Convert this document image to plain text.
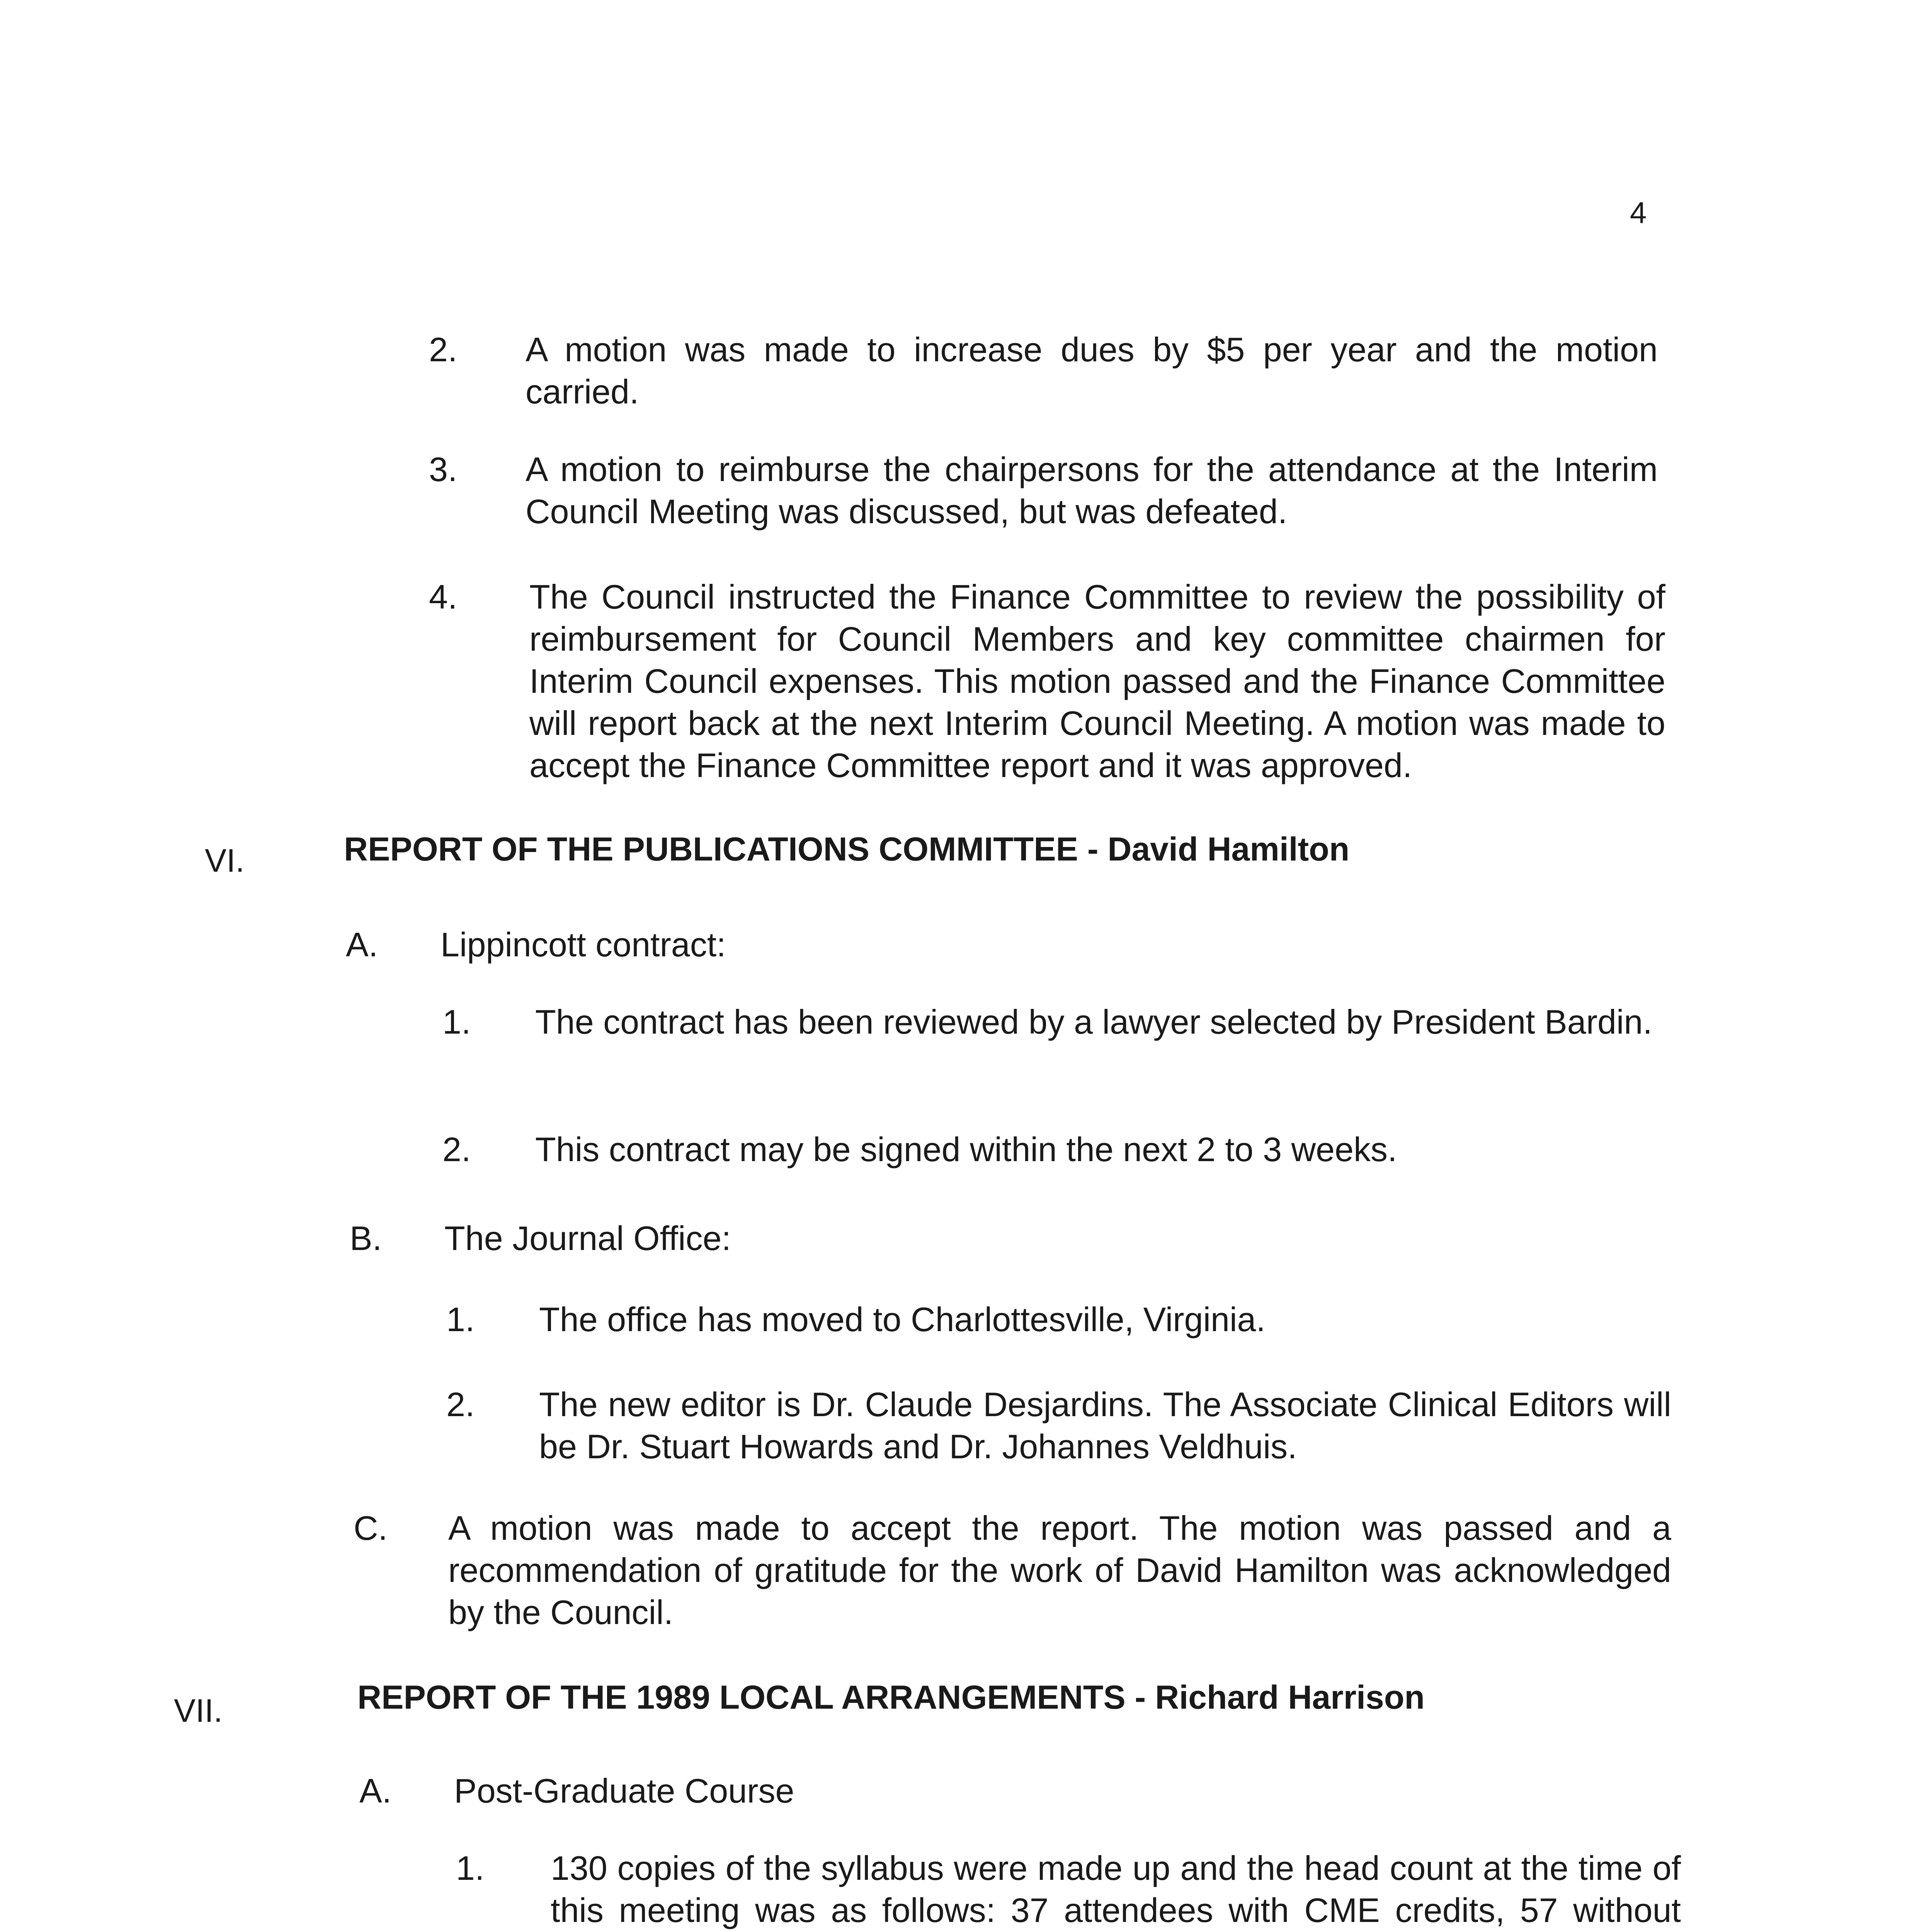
4
2. A motion was made to increase dues by $5 per year and the motion carried.
3. A motion to reimburse the chairpersons for the attendance at the Interim Council Meeting was discussed, but was defeated.
4. The Council instructed the Finance Committee to review the possibility of reimbursement for Council Members and key committee chairmen for Interim Council expenses. This motion passed and the Finance Committee will report back at the next Interim Council Meeting. A motion was made to accept the Finance Committee report and it was approved.
VI.	REPORT OF THE PUBLICATIONS COMMITTEE - David Hamilton
A. Lippincott contract:
1. The contract has been reviewed by a lawyer selected by President Bardin.
2. This contract may be signed within the next 2 to 3 weeks.
B. The Journal Office:
1. The office has moved to Charlottesville, Virginia.
2. The new editor is Dr. Claude Desjardins. The Associate Clinical Editors will be Dr. Stuart Howards and Dr. Johannes Veldhuis.
C. A motion was made to accept the report. The motion was passed and a recommendation of gratitude for the work of David Hamilton was acknowledged by the Council.
VII.	REPORT OF THE 1989 LOCAL ARRANGEMENTS - Richard Harrison
A. Post-Graduate Course
1. 130 copies of the syllabus were made up and the head count at the time of this meeting was as follows: 37 attendees with CME credits, 57 without
